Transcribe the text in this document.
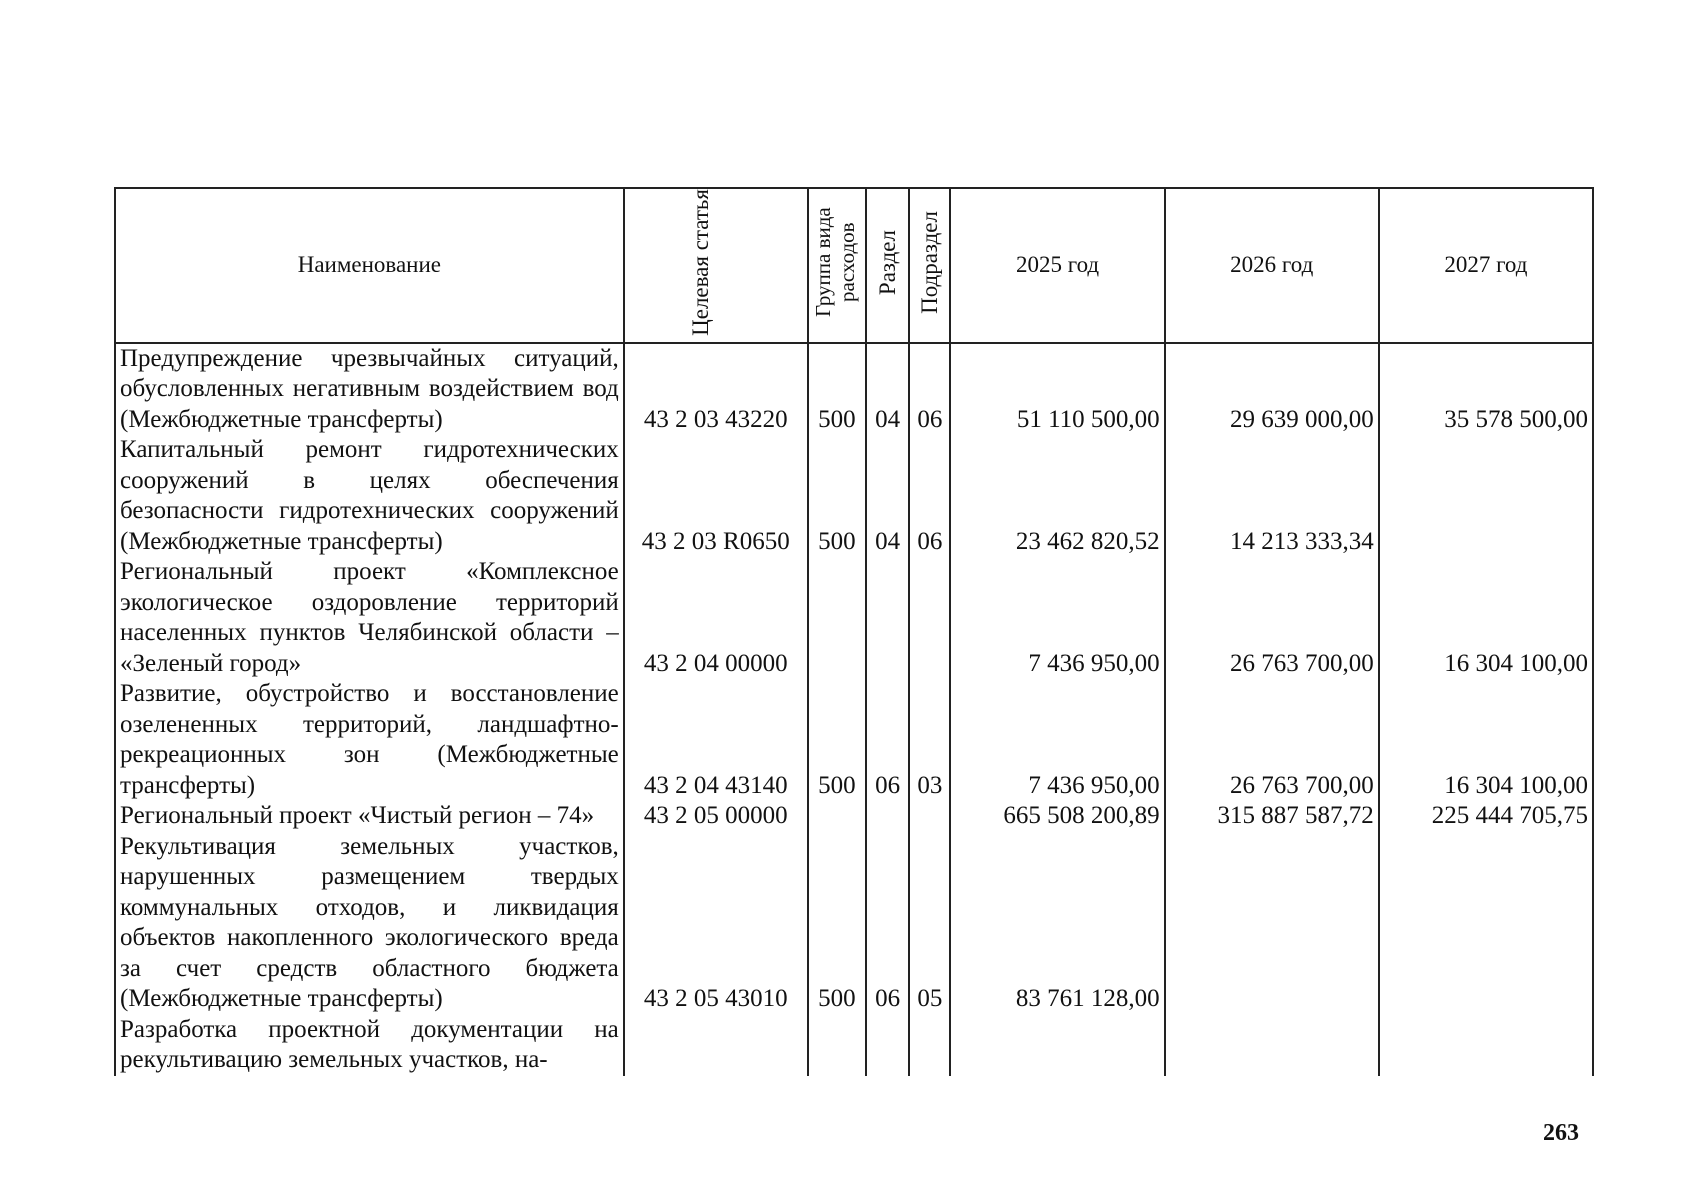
Наименование	Целевая статья	Группа вида расходов	Раздел	Подраздел	2025 год	2026 год	2027 год
Предупреждение чрезвычайных ситуаций, обусловленных негативным воздействием вод (Межбюджетные трансферты)	43 2 03 43220	500	04	06	51 110 500,00	29 639 000,00	35 578 500,00
Капитальный ремонт гидротехнических сооружений в целях обеспечения безопасности гидротехнических сооружений (Межбюджетные трансферты)	43 2 03 R0650	500	04	06	23 462 820,52	14 213 333,34	
Региональный проект «Комплексное экологическое оздоровление территорий населенных пунктов Челябинской области – «Зеленый город»	43 2 04 00000				7 436 950,00	26 763 700,00	16 304 100,00
Развитие, обустройство и восстановление озелененных территорий, ландшафтно-рекреационных зон (Межбюджетные трансферты)	43 2 04 43140	500	06	03	7 436 950,00	26 763 700,00	16 304 100,00
Региональный проект «Чистый регион – 74»	43 2 05 00000				665 508 200,89	315 887 587,72	225 444 705,75
Рекультивация земельных участков, нарушенных размещением твердых коммунальных отходов, и ликвидация объектов накопленного экологического вреда за счет средств областного бюджета (Межбюджетные трансферты)	43 2 05 43010	500	06	05	83 761 128,00		
Разработка проектной документации на рекультивацию земельных участков, на-							
263
